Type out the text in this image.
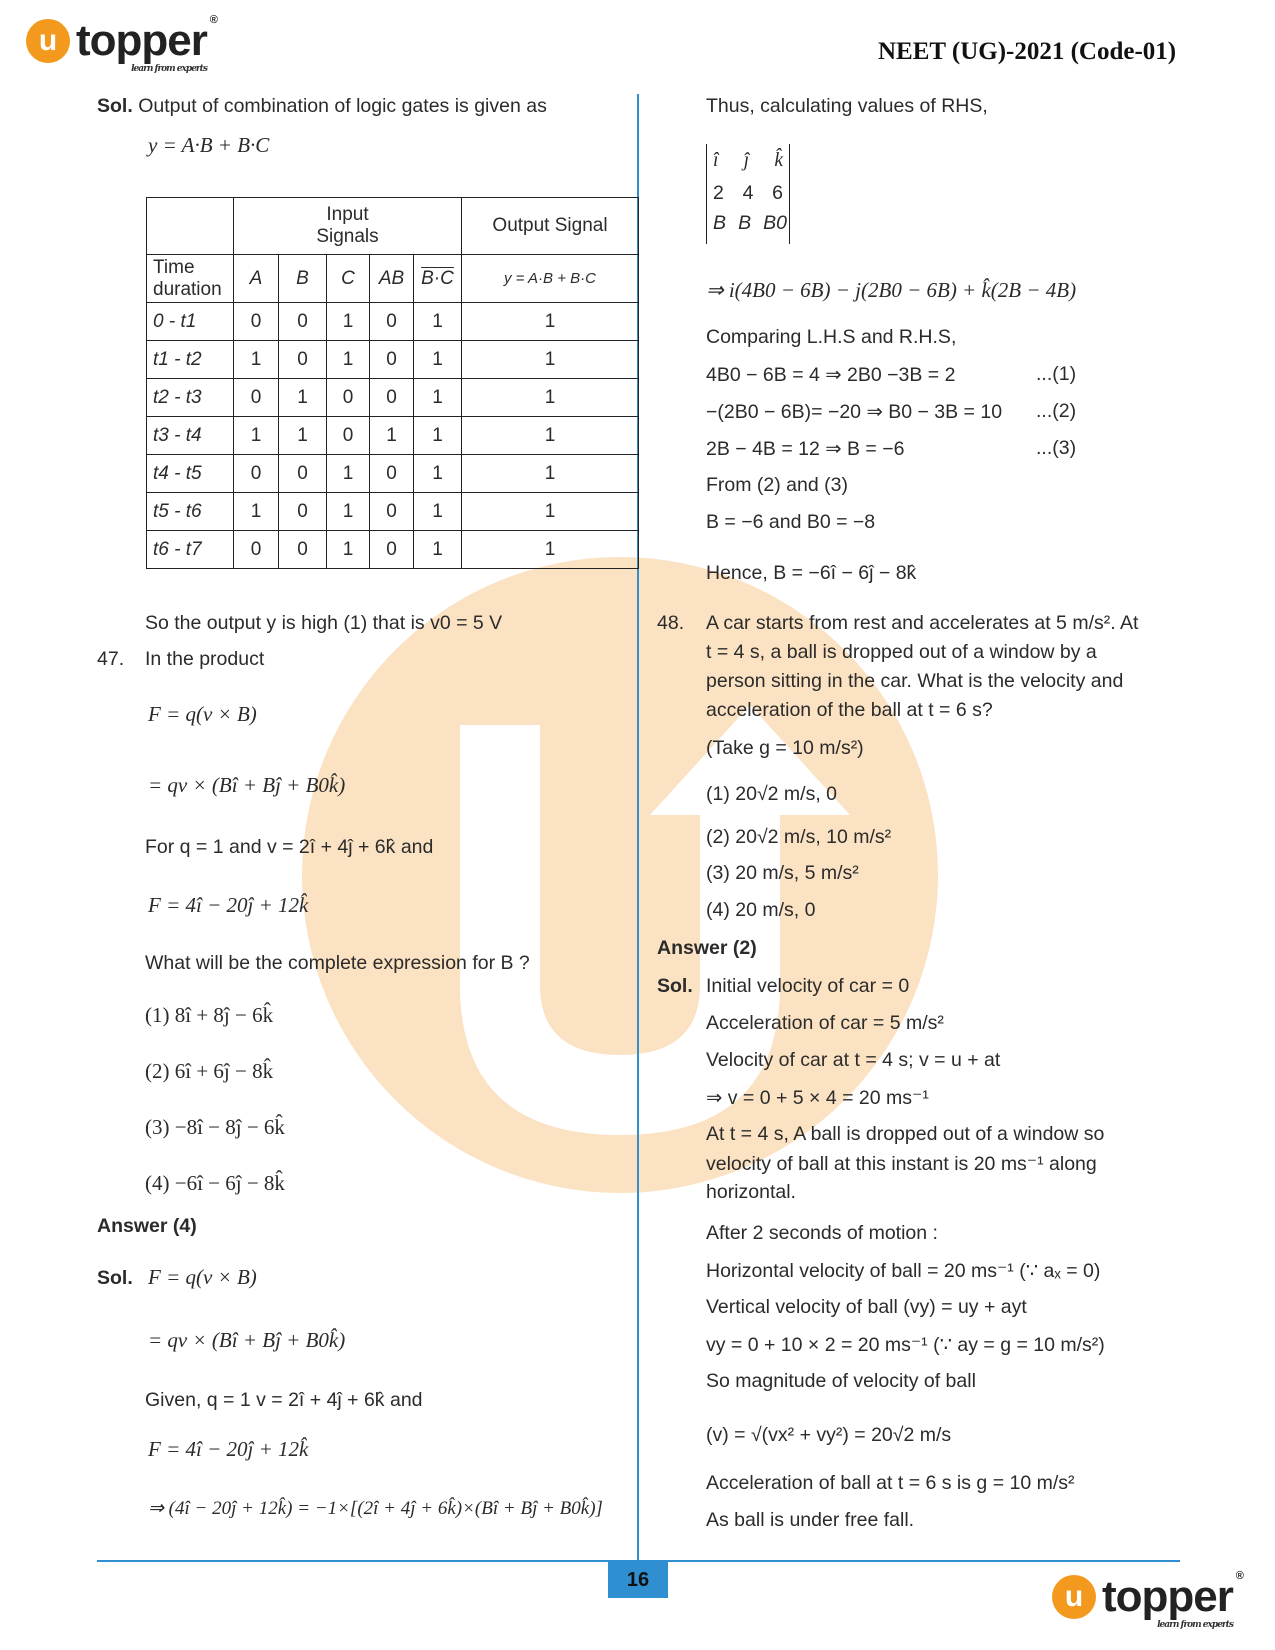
u topper ®
learn from experts
NEET (UG)-2021 (Code-01)
Sol. Output of combination of logic gates is given as
y = A·B + B·C
	Input Signals					Output Signal
Time duration	A	B	C	AB	B·C	y = A·B + B·C
0 - t1	0	0	1	0	1	1
t1 - t2	1	0	1	0	1	1
t2 - t3	0	1	0	0	1	1
t3 - t4	1	1	0	1	1	1
t4 - t5	0	0	1	0	1	1
t5 - t6	1	0	1	0	1	1
t6 - t7	0	0	1	0	1	1
So the output y is high (1) that is v0 = 5 V
47. In the product
F = q(v × B)
= qv × (Bî + Bĵ + B0k̂)
For q = 1 and v = 2î + 4ĵ + 6k̂ and
F = 4î − 20ĵ + 12k̂
What will be the complete expression for B ?
(1) 8î + 8ĵ − 6k̂
(2) 6î + 6ĵ − 8k̂
(3) −8î − 8ĵ − 6k̂
(4) −6î − 6ĵ − 8k̂
Answer (4)
Sol. F = q(v × B)
= qv × (Bî + Bĵ + B0k̂)
Given, q = 1 v = 2î + 4ĵ + 6k̂ and
F = 4î − 20ĵ + 12k̂
⇒ (4î − 20ĵ + 12k̂) = −1×[(2î + 4ĵ + 6k̂)×(Bî + Bĵ + B0k̂)]
Thus, calculating values of RHS,
î ĵ k̂
2 4 6
B B B0
⇒ i(4B0 − 6B) − j(2B0 − 6B) + k̂(2B − 4B)
Comparing L.H.S and R.H.S,
4B0 − 6B = 4 ⇒ 2B0 −3B = 2	...(1)
−(2B0 − 6B)= −20 ⇒ B0 − 3B = 10 ...(2)
2B − 4B = 12 ⇒ B = −6	...(3)
From (2) and (3)
B = −6 and B0 = −8
Hence, B = −6î − 6ĵ − 8k̂
48. A car starts from rest and accelerates at 5 m/s². At
t = 4 s, a ball is dropped out of a window by a
person sitting in the car. What is the velocity and
acceleration of the ball at t = 6 s?
(Take g = 10 m/s²)
(1) 20√2 m/s, 0
(2) 20√2 m/s, 10 m/s²
(3) 20 m/s, 5 m/s²
(4) 20 m/s, 0
Answer (2)
Sol. Initial velocity of car = 0
Acceleration of car = 5 m/s²
Velocity of car at t = 4 s; v = u + at
⇒ v = 0 + 5 × 4 = 20 ms⁻¹
At t = 4 s, A ball is dropped out of a window so
velocity of ball at this instant is 20 ms⁻¹ along
horizontal.
After 2 seconds of motion :
Horizontal velocity of ball = 20 ms⁻¹ (∵ aₓ = 0)
Vertical velocity of ball (vy) = uy + ayt
vy = 0 + 10 × 2 = 20 ms⁻¹ (∵ ay = g = 10 m/s²)
So magnitude of velocity of ball
(v) = √(vx² + vy²) = 20√2 m/s
Acceleration of ball at t = 6 s is g = 10 m/s²
As ball is under free fall.
16
u topper ®
learn from experts
